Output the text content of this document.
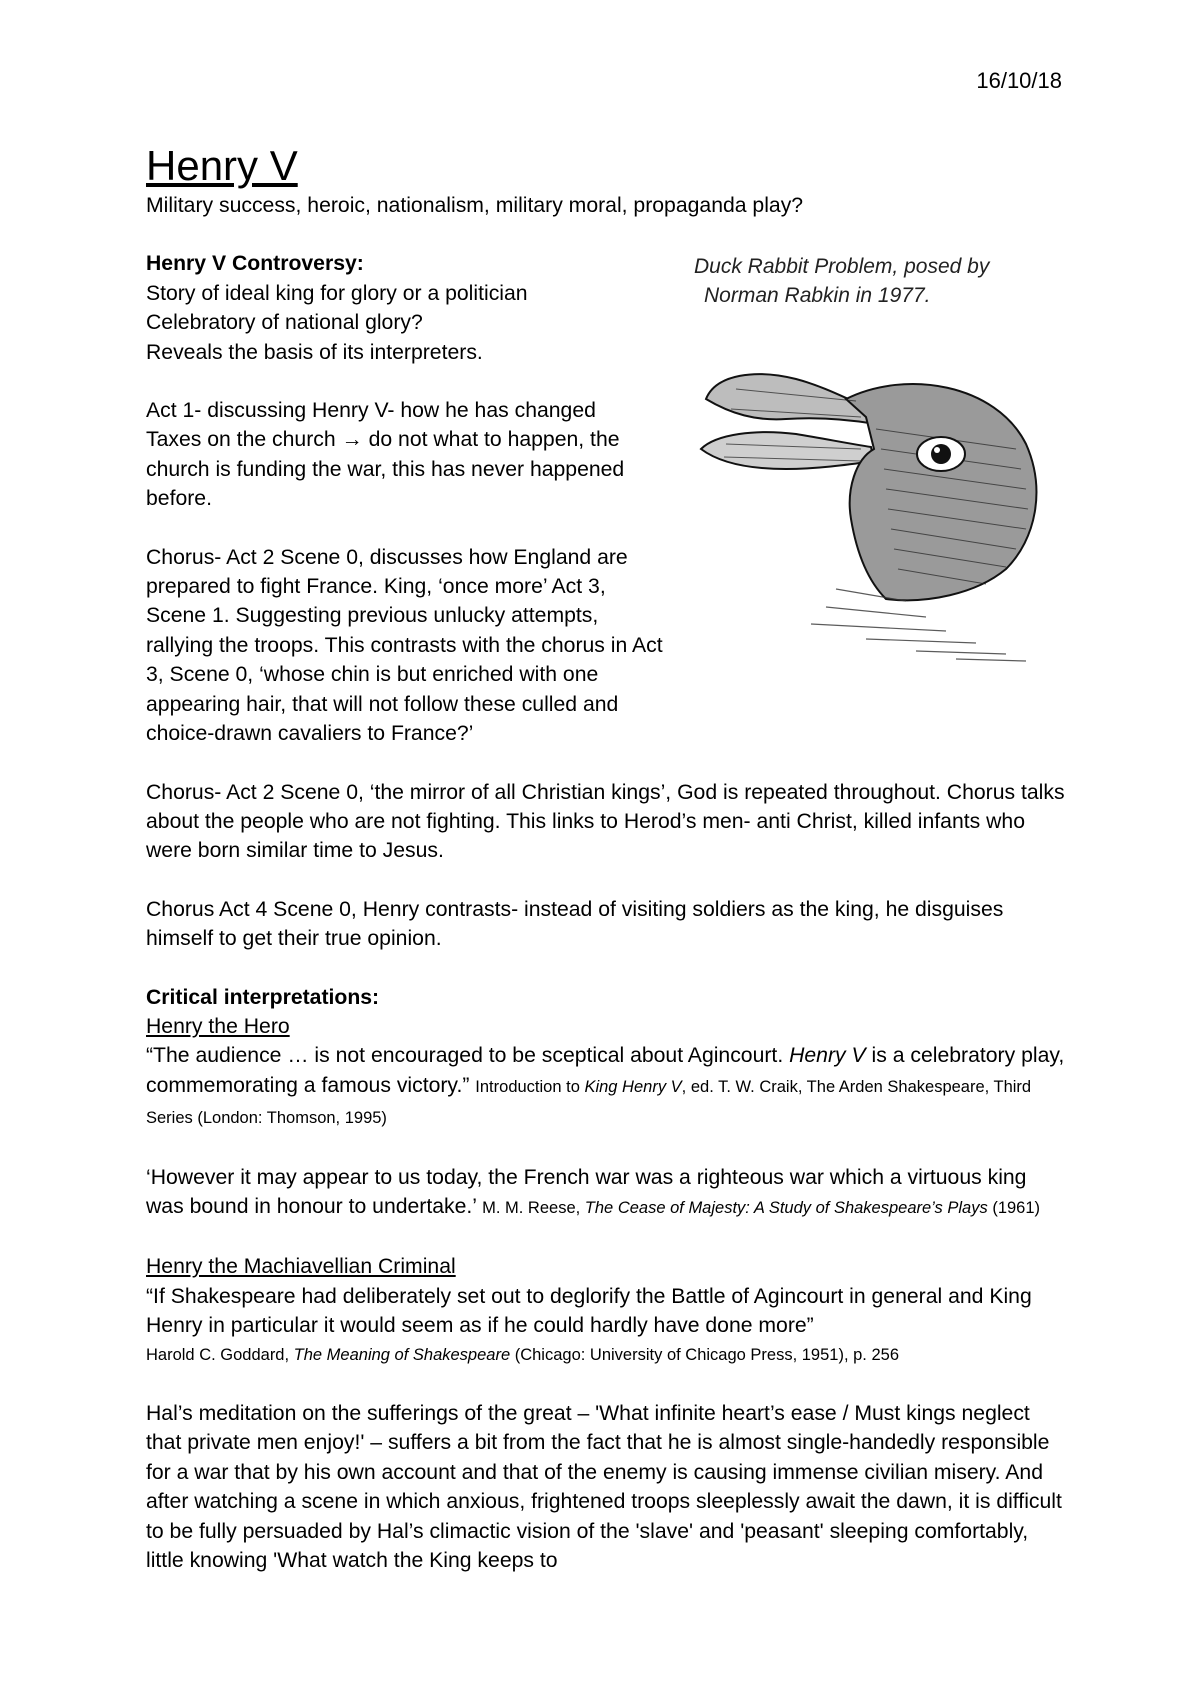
16/10/18
Henry V

Military success, heroic, nationalism, military moral, propaganda play?

Duck Rabbit Problem, posed by
Norman Rabkin in 1977.

Henry V Controversy:

Story of ideal king for glory or a politician

Celebratory of national glory?

Reveals the basis of its interpreters.

Act 1- discussing Henry V- how he has changed

Taxes on the church → do not what to happen, the church is funding the war, this has never happened before.

Chorus- Act 2 Scene 0, discusses how England are prepared to fight France. King, ‘once more’ Act 3, Scene 1. Suggesting previous unlucky attempts, rallying the troops. This contrasts with the chorus in Act 3, Scene 0, ‘whose chin is but enriched with one appearing hair, that will not follow these culled and choice-drawn cavaliers to France?’

Chorus- Act 2 Scene 0, ‘the mirror of all Christian kings’, God is repeated throughout. Chorus talks about the people who are not fighting. This links to Herod’s men- anti Christ, killed infants who were born similar time to Jesus.

Chorus Act 4 Scene 0, Henry contrasts- instead of visiting soldiers as the king, he disguises himself to get their true opinion.

Critical interpretations:

Henry the Hero

“The audience … is not encouraged to be sceptical about Agincourt. Henry V is a celebratory play, commemorating a famous victory.” Introduction to King Henry V, ed. T. W. Craik, The Arden Shakespeare, Third Series (London: Thomson, 1995)

‘However it may appear to us today, the French war was a righteous war which a virtuous king was bound in honour to undertake.’ M. M. Reese, The Cease of Majesty: A Study of Shakespeare’s Plays (1961)

Henry the Machiavellian Criminal

“If Shakespeare had deliberately set out to deglorify the Battle of Agincourt in general and King Henry in particular it would seem as if he could hardly have done more”

Harold C. Goddard, The Meaning of Shakespeare (Chicago: University of Chicago Press, 1951), p. 256

Hal’s meditation on the sufferings of the great – 'What infinite heart’s ease / Must kings neglect that private men enjoy!' – suffers a bit from the fact that he is almost single-handedly responsible for a war that by his own account and that of the enemy is causing immense civilian misery. And after watching a scene in which anxious, frightened troops sleeplessly await the dawn, it is difficult to be fully persuaded by Hal’s climactic vision of the 'slave' and 'peasant' sleeping comfortably, little knowing 'What watch the King keeps to
